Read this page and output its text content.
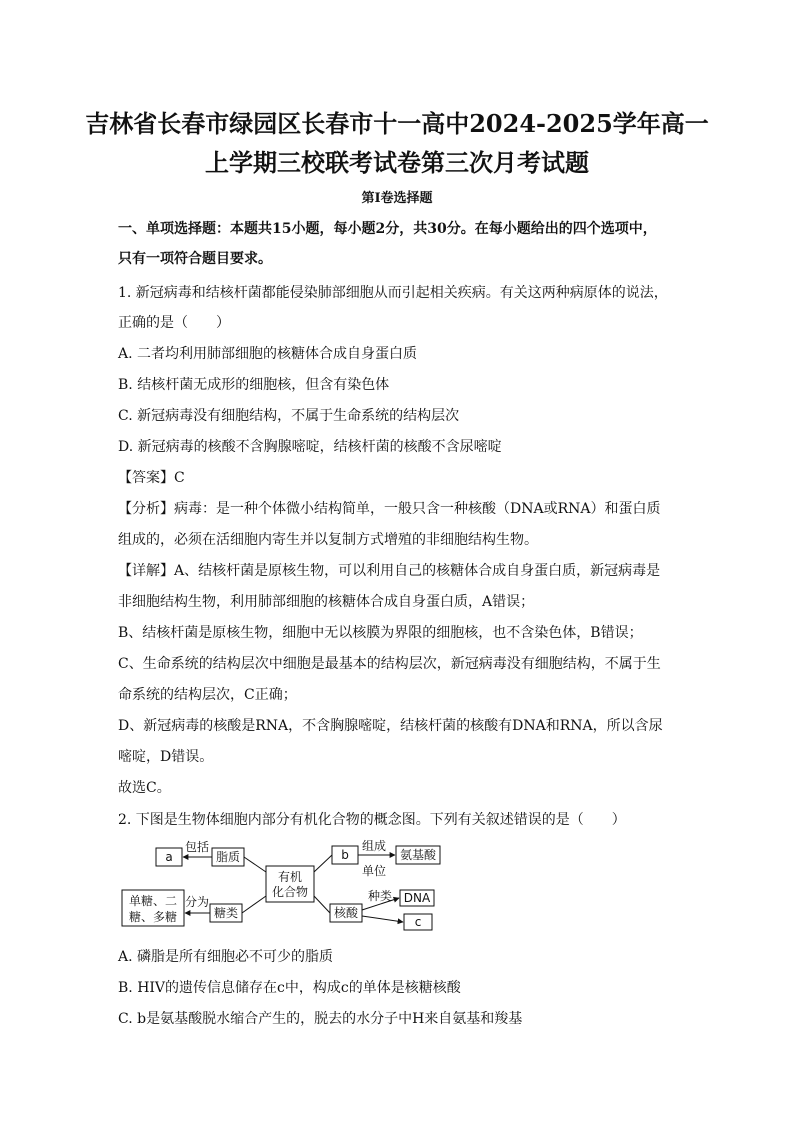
吉林省长春市绿园区长春市十一高中2024-2025学年高一
上学期三校联考试卷第三次月考试题
第I卷选择题
一、单项选择题：本题共15小题，每小题2分，共30分。在每小题给出的四个选项中，
只有一项符合题目要求。
1. 新冠病毒和结核杆菌都能侵染肺部细胞从而引起相关疾病。有关这两种病原体的说法，
正确的是（　　）
A. 二者均利用肺部细胞的核糖体合成自身蛋白质
B. 结核杆菌无成形的细胞核，但含有染色体
C. 新冠病毒没有细胞结构，不属于生命系统的结构层次
D. 新冠病毒的核酸不含胸腺嘧啶，结核杆菌的核酸不含尿嘧啶
【答案】C
【分析】病毒：是一种个体微小结构简单，一般只含一种核酸（DNA或RNA）和蛋白质
组成的，必须在活细胞内寄生并以复制方式增殖的非细胞结构生物。
【详解】A、结核杆菌是原核生物，可以利用自己的核糖体合成自身蛋白质，新冠病毒是
非细胞结构生物，利用肺部细胞的核糖体合成自身蛋白质，A错误；
B、结核杆菌是原核生物，细胞中无以核膜为界限的细胞核，也不含染色体，B错误；
C、生命系统的结构层次中细胞是最基本的结构层次，新冠病毒没有细胞结构，不属于生
命系统的结构层次，C正确；
D、新冠病毒的核酸是RNA，不含胸腺嘧啶，结核杆菌的核酸有DNA和RNA，所以含尿
嘧啶，D错误。
故选C。
2. 下图是生物体细胞内部分有机化合物的概念图。下列有关叙述错误的是（　　）
有机
化合物
脂质
a
包括
b	氨基酸
组成
单位
糖类
单糖、二
糖、多糖
分为
核酸
DNA
c
种类
A. 磷脂是所有细胞必不可少的脂质
B. HIV的遗传信息储存在c中，构成c的单体是核糖核酸
C. b是氨基酸脱水缩合产生的，脱去的水分子中H来自氨基和羧基
